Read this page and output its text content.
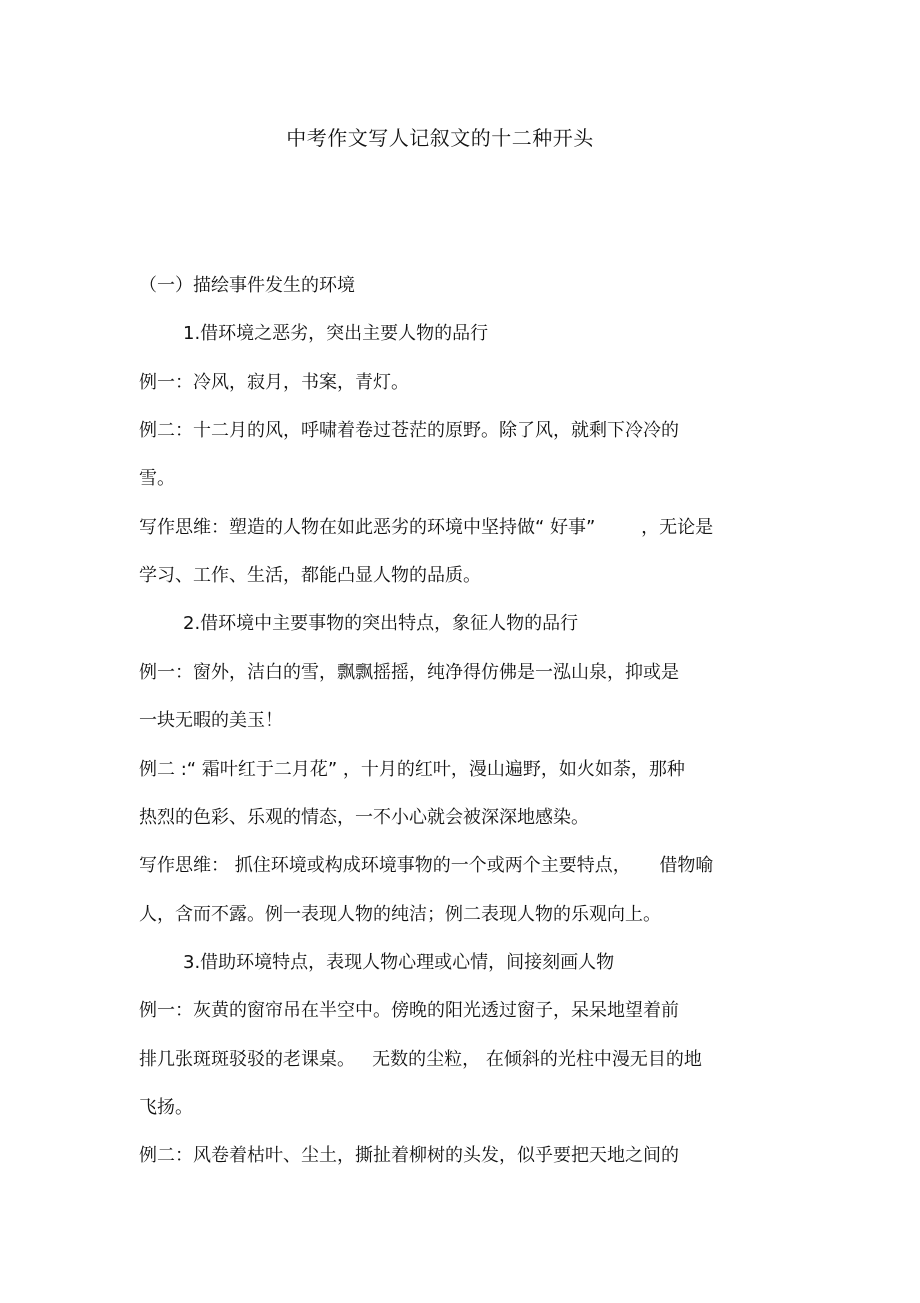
中考作文写人记叙文的十二种开头
（一）描绘事件发生的环境
1.借环境之恶劣，突出主要人物的品行
例一：冷风，寂月，书案，青灯。
例二：十二月的风，呼啸着卷过苍茫的原野。除了风，就剩下冷冷的
雪。
写作思维：塑造的人物在如此恶劣的环境中坚持做“ 好事”        ，无论是
学习、工作、生活，都能凸显人物的品质。
2.借环境中主要事物的突出特点，象征人物的品行
例一：窗外，洁白的雪，飘飘摇摇，纯净得仿佛是一泓山泉，抑或是
一块无暇的美玉！
例二 :“ 霜叶红于二月花” ，十月的红叶，漫山遍野，如火如荼，那种
热烈的色彩、乐观的情态，一不小心就会被深深地感染。
写作思维： 抓住环境或构成环境事物的一个或两个主要特点，     借物喻
人，含而不露。例一表现人物的纯洁；例二表现人物的乐观向上。
3.借助环境特点，表现人物心理或心情，间接刻画人物
例一：灰黄的窗帘吊在半空中。傍晚的阳光透过窗子，呆呆地望着前
排几张斑斑驳驳的老课桌。   无数的尘粒， 在倾斜的光柱中漫无目的地
飞扬。
例二：风卷着枯叶、尘土，撕扯着柳树的头发，似乎要把天地之间的
